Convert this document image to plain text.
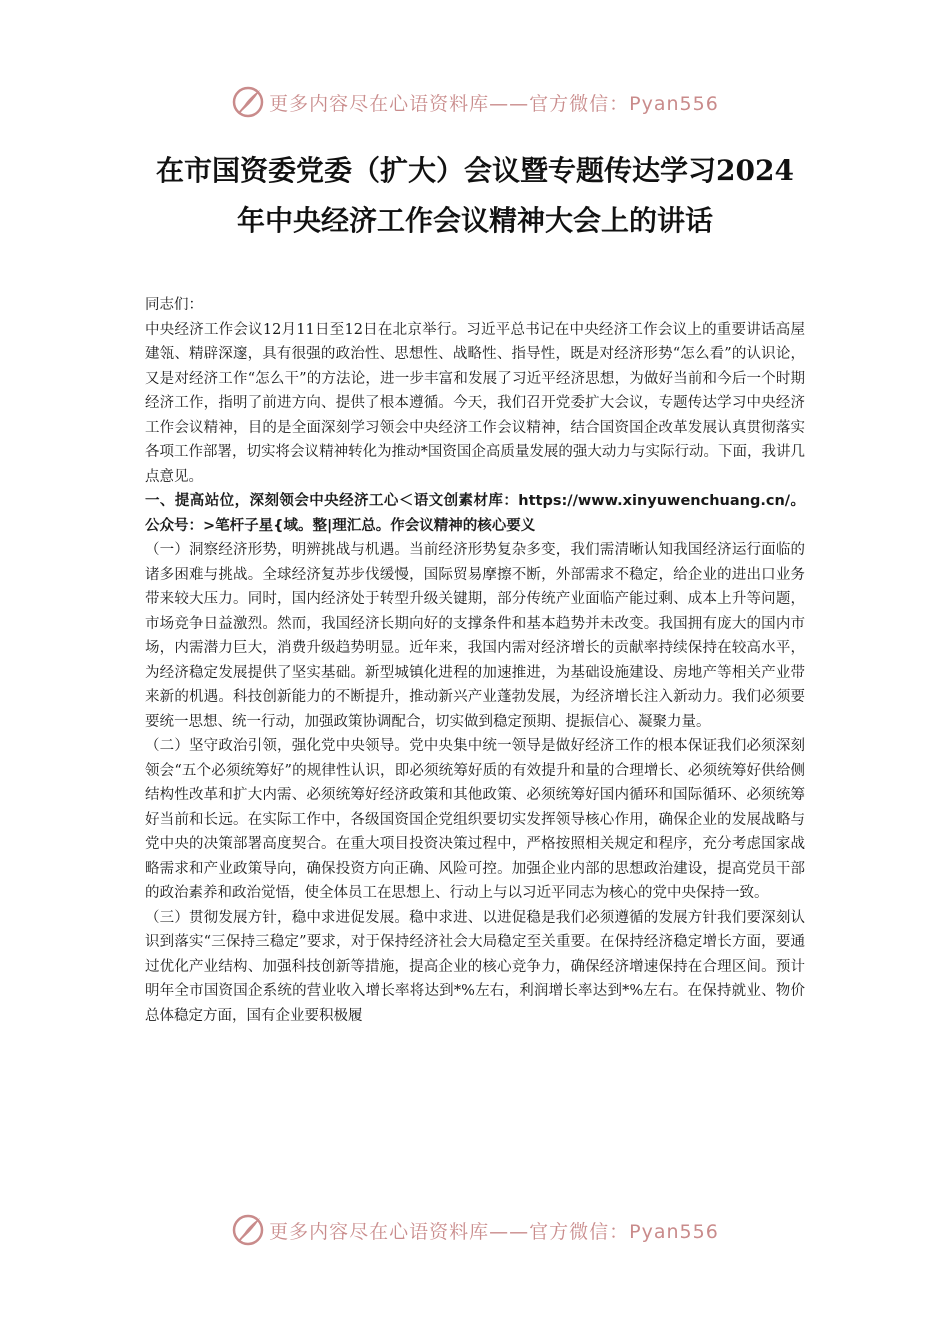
更多内容尽在心语资料库——官方微信：Pyan556
在市国资委党委（扩大）会议暨专题传达学习2024
年中央经济工作会议精神大会上的讲话
同志们：

中央经济工作会议12月11日至12日在北京举行。习近平总书记在中央经济工作会议上的重要讲话高屋建瓴、精辟深邃，具有很强的政治性、思想性、战略性、指导性，既是对经济形势“怎么看”的认识论，又是对经济工作“怎么干”的方法论，进一步丰富和发展了习近平经济思想，为做好当前和今后一个时期经济工作，指明了前进方向、提供了根本遵循。今天，我们召开党委扩大会议，专题传达学习中央经济工作会议精神，目的是全面深刻学习领会中央经济工作会议精神，结合国资国企改革发展认真贯彻落实各项工作部署，切实将会议精神转化为推动*国资国企高质量发展的强大动力与实际行动。下面，我讲几点意见。

一、提高站位，深刻领会中央经济工心＜语文创素材库：https://www.xinyuwenchuang.cn/。公众号：>笔杆子星{域。整|理汇总。作会议精神的核心要义

（一）洞察经济形势，明辨挑战与机遇。当前经济形势复杂多变，我们需清晰认知我国经济运行面临的诸多困难与挑战。全球经济复苏步伐缓慢，国际贸易摩擦不断，外部需求不稳定，给企业的进出口业务带来较大压力。同时，国内经济处于转型升级关键期，部分传统产业面临产能过剩、成本上升等问题，市场竞争日益激烈。然而，我国经济长期向好的支撑条件和基本趋势并未改变。我国拥有庞大的国内市场，内需潜力巨大，消费升级趋势明显。近年来，我国内需对经济增长的贡献率持续保持在较高水平，为经济稳定发展提供了坚实基础。新型城镇化进程的加速推进，为基础设施建设、房地产等相关产业带来新的机遇。科技创新能力的不断提升，推动新兴产业蓬勃发展，为经济增长注入新动力。我们必须要要统一思想、统一行动，加强政策协调配合，切实做到稳定预期、提振信心、凝聚力量。

（二）坚守政治引领，强化党中央领导。党中央集中统一领导是做好经济工作的根本保证我们必须深刻领会“五个必须统筹好”的规律性认识，即必须统筹好质的有效提升和量的合理增长、必须统筹好供给侧结构性改革和扩大内需、必须统筹好经济政策和其他政策、必须统筹好国内循环和国际循环、必须统筹好当前和长远。在实际工作中，各级国资国企党组织要切实发挥领导核心作用，确保企业的发展战略与党中央的决策部署高度契合。在重大项目投资决策过程中，严格按照相关规定和程序，充分考虑国家战略需求和产业政策导向，确保投资方向正确、风险可控。加强企业内部的思想政治建设，提高党员干部的政治素养和政治觉悟，使全体员工在思想上、行动上与以习近平同志为核心的党中央保持一致。

（三）贯彻发展方针，稳中求进促发展。稳中求进、以进促稳是我们必须遵循的发展方针我们要深刻认识到落实“三保持三稳定”要求，对于保持经济社会大局稳定至关重要。在保持经济稳定增长方面，要通过优化产业结构、加强科技创新等措施，提高企业的核心竞争力，确保经济增速保持在合理区间。预计明年全市国资国企系统的营业收入增长率将达到*%左右，利润增长率达到*%左右。在保持就业、物价总体稳定方面，国有企业要积极履

更多内容尽在心语资料库——官方微信：Pyan556
